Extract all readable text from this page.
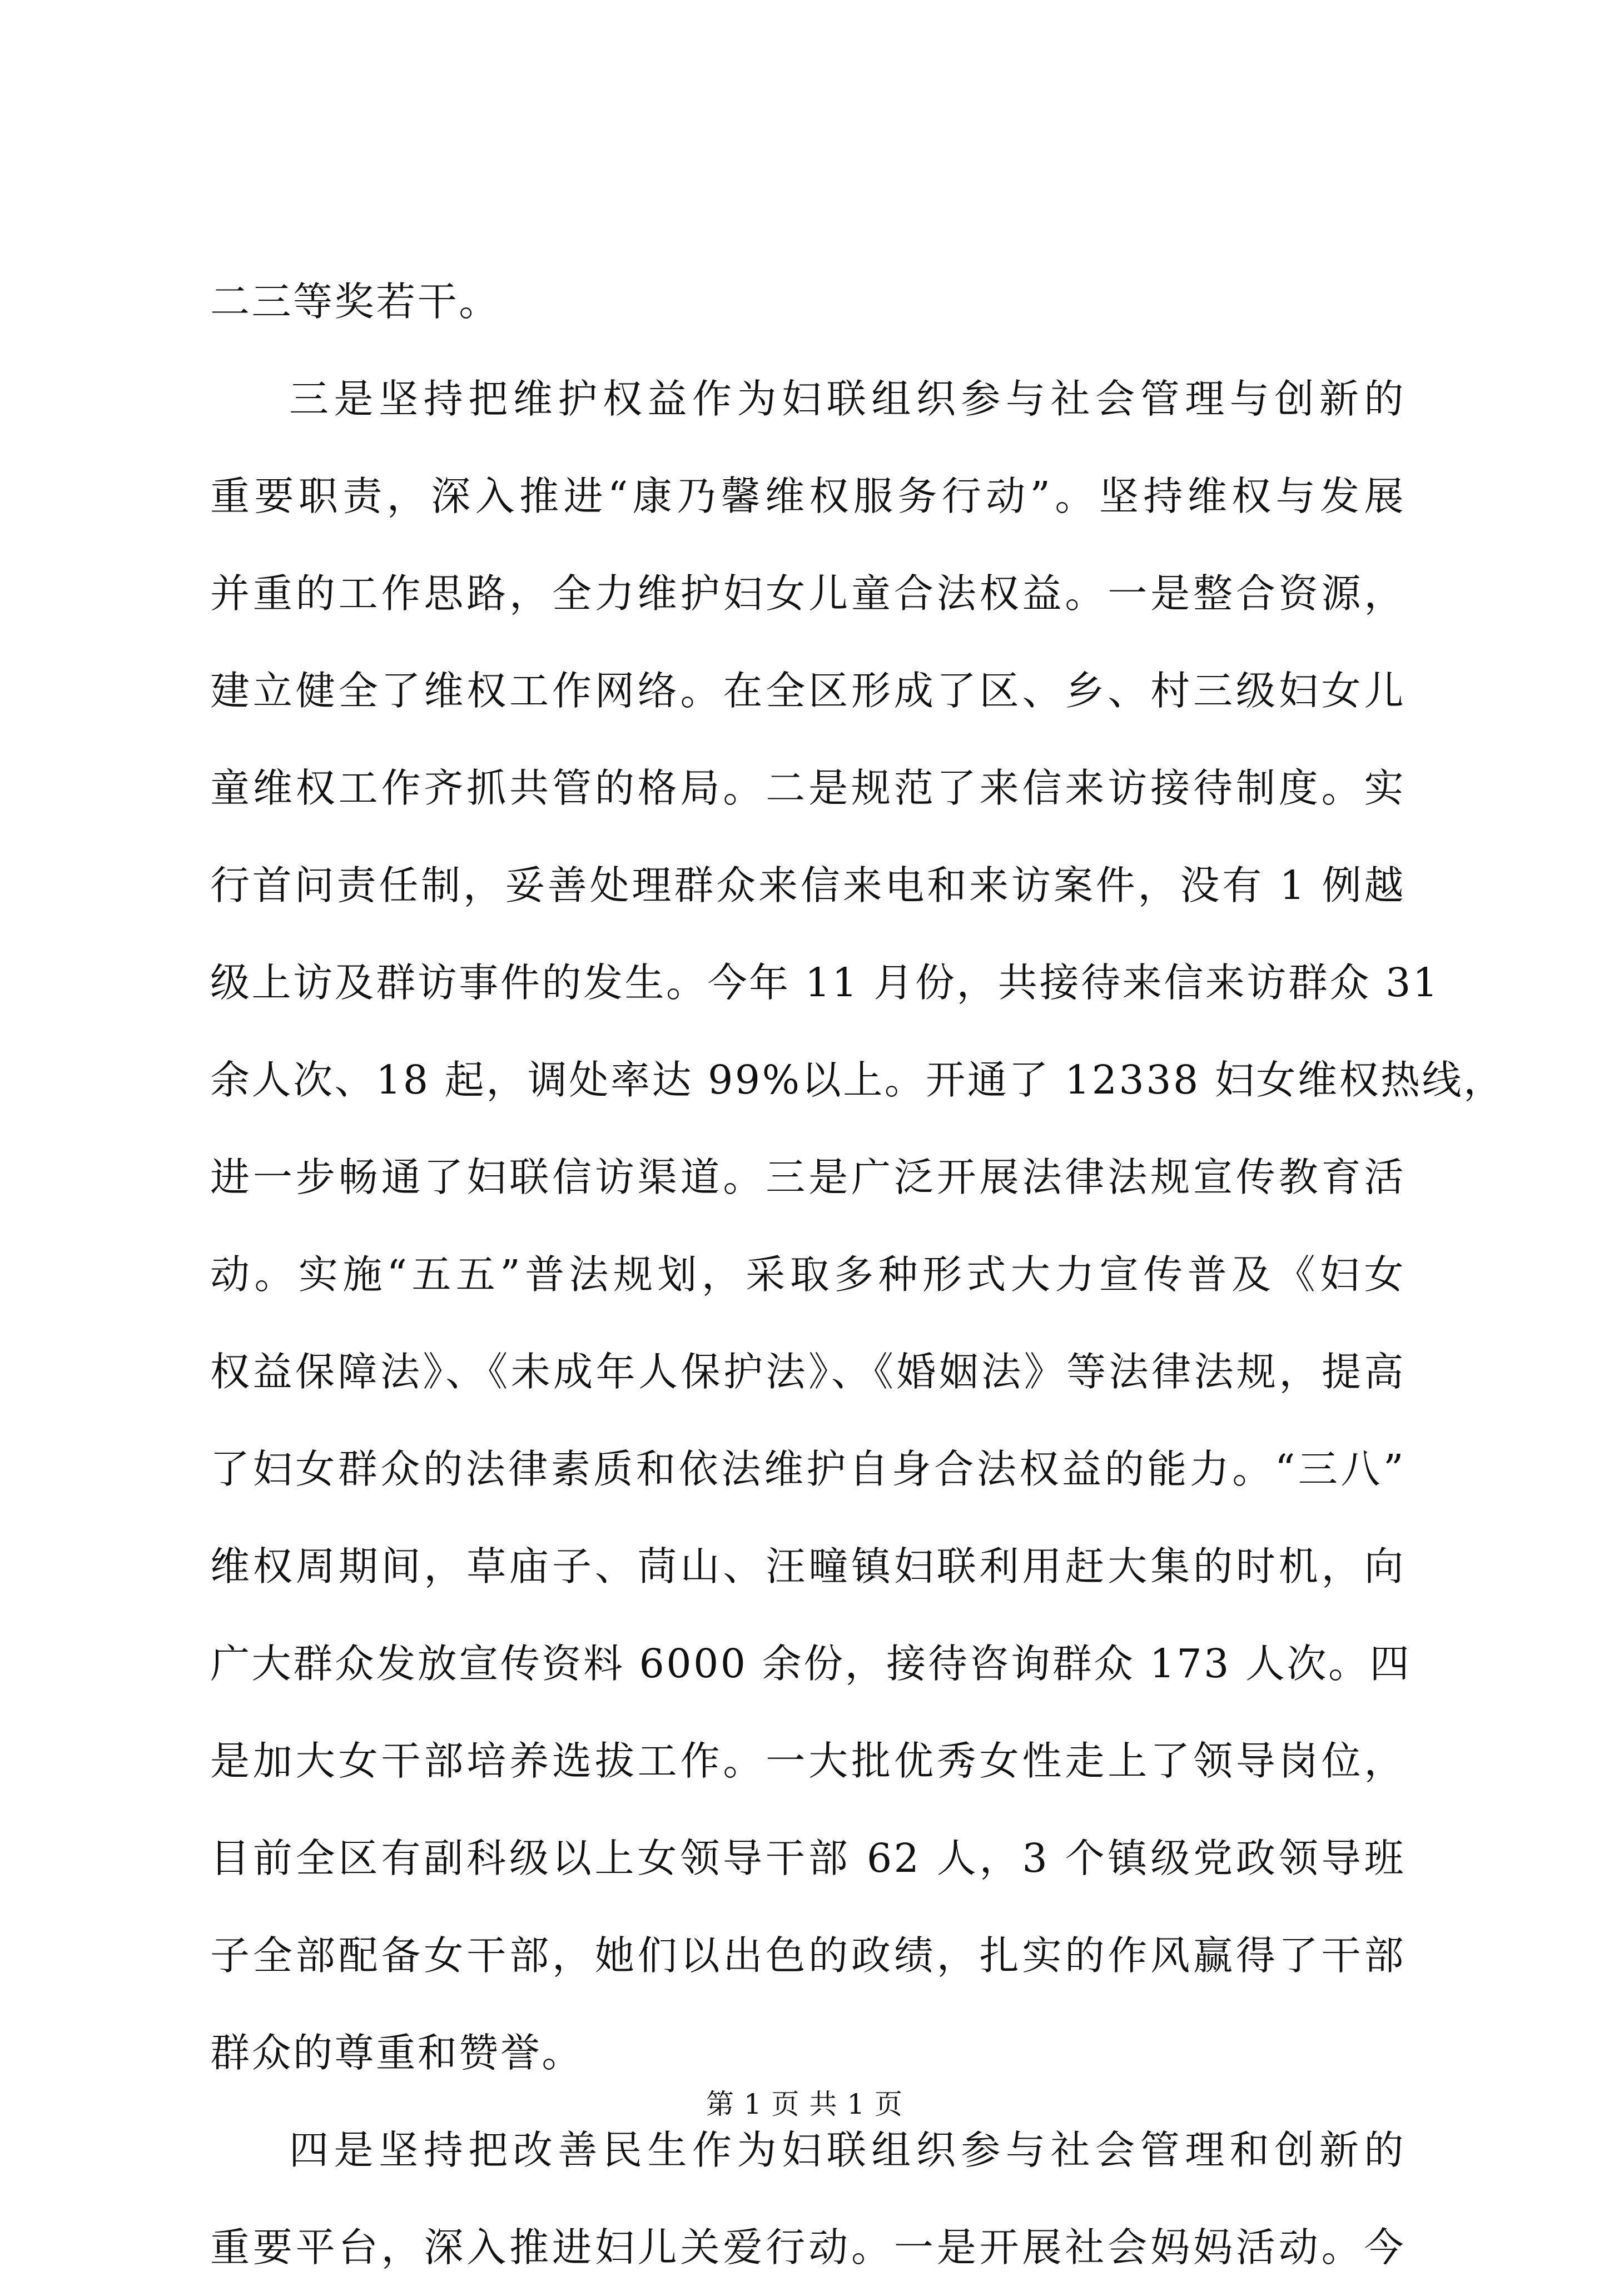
二三等奖若干。
三是坚持把维护权益作为妇联组织参与社会管理与创新的
重要职责，深入推进“康乃馨维权服务行动”。坚持维权与发展
并重的工作思路，全力维护妇女儿童合法权益。一是整合资源，
建立健全了维权工作网络。在全区形成了区、乡、村三级妇女儿
童维权工作齐抓共管的格局。二是规范了来信来访接待制度。实
行首问责任制，妥善处理群众来信来电和来访案件，没有 1 例越
级上访及群访事件的发生。今年 11 月份，共接待来信来访群众 31
余人次、18 起，调处率达 99%以上。开通了 12338 妇女维权热线，
进一步畅通了妇联信访渠道。三是广泛开展法律法规宣传教育活
动。实施“五五”普法规划，采取多种形式大力宣传普及《妇女
权益保障法》、《未成年人保护法》、《婚姻法》等法律法规，提高
了妇女群众的法律素质和依法维护自身合法权益的能力。“三八”
维权周期间，草庙子、茼山、汪疃镇妇联利用赶大集的时机，向
广大群众发放宣传资料 6000 余份，接待咨询群众 173 人次。四
是加大女干部培养选拔工作。一大批优秀女性走上了领导岗位，
目前全区有副科级以上女领导干部 62 人，3 个镇级党政领导班
子全部配备女干部，她们以出色的政绩，扎实的作风赢得了干部
群众的尊重和赞誉。
四是坚持把改善民生作为妇联组织参与社会管理和创新的
重要平台，深入推进妇儿关爱行动。一是开展社会妈妈活动。今
第 1 页 共 1 页
